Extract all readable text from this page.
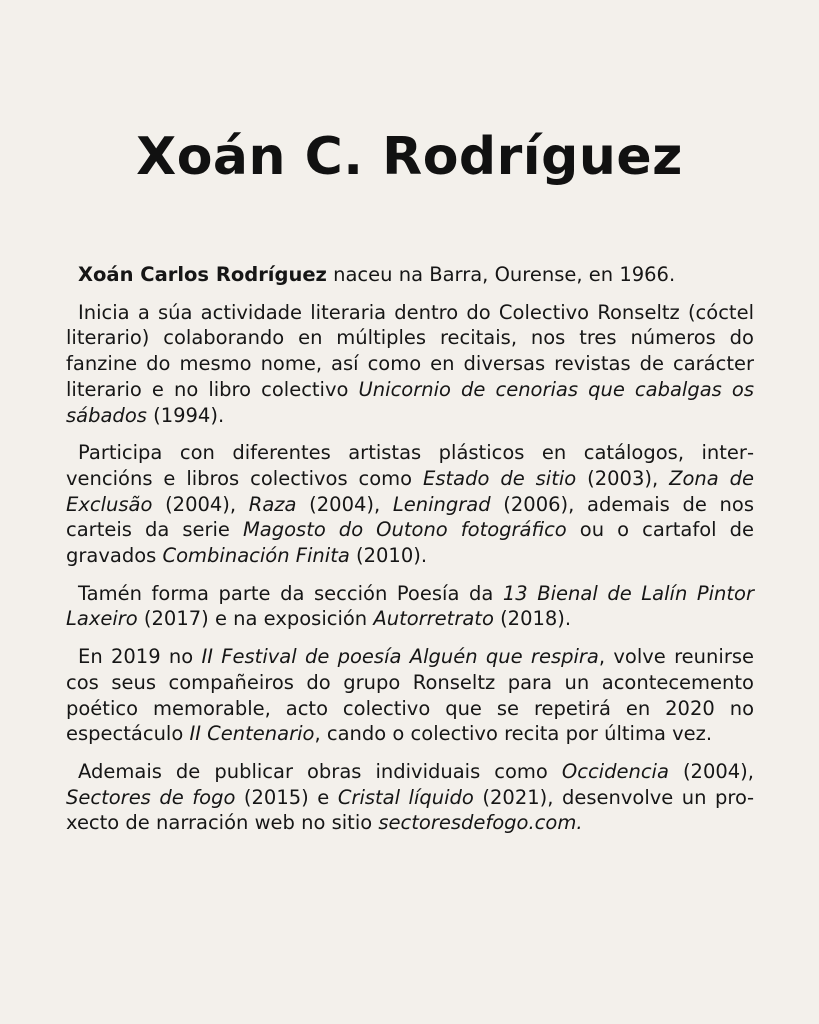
Xoán C. Rodríguez

Xoán Carlos Rodríguez naceu na Barra, Ourense, en 1966.

Inicia a súa actividade literaria dentro do Colectivo Ronseltz (cóctel literario) colaborando en múltiples recitais, nos tres números do fanzine do mesmo nome, así como en diversas revistas de carácter literario e no libro colectivo Unicornio de cenorias que cabalgas os sábados (1994).

Participa con diferentes artistas plásticos en catálogos, intervencións e libros colectivos como Estado de sitio (2003), Zona de Exclusão (2004), Raza (2004), Leningrad (2006), ademais de nos carteis da serie Magosto do Outono fotográfico ou o cartafol de gravados Combinación Finita (2010).

Tamén forma parte da sección Poesía da 13 Bienal de Lalín Pintor Laxeiro (2017) e na exposición Autorretrato (2018).

En 2019 no II Festival de poesía Alguén que respira, volve reunirse cos seus compañeiros do grupo Ronseltz para un acontecemento poético memorable, acto colectivo que se repetirá en 2020 no espectáculo II Centenario, cando o colectivo recita por última vez.

Ademais de publicar obras individuais como Occidencia (2004), Sectores de fogo (2015) e Cristal líquido (2021), desenvolve un proxecto de narración web no sitio sectoresdefogo.com.
